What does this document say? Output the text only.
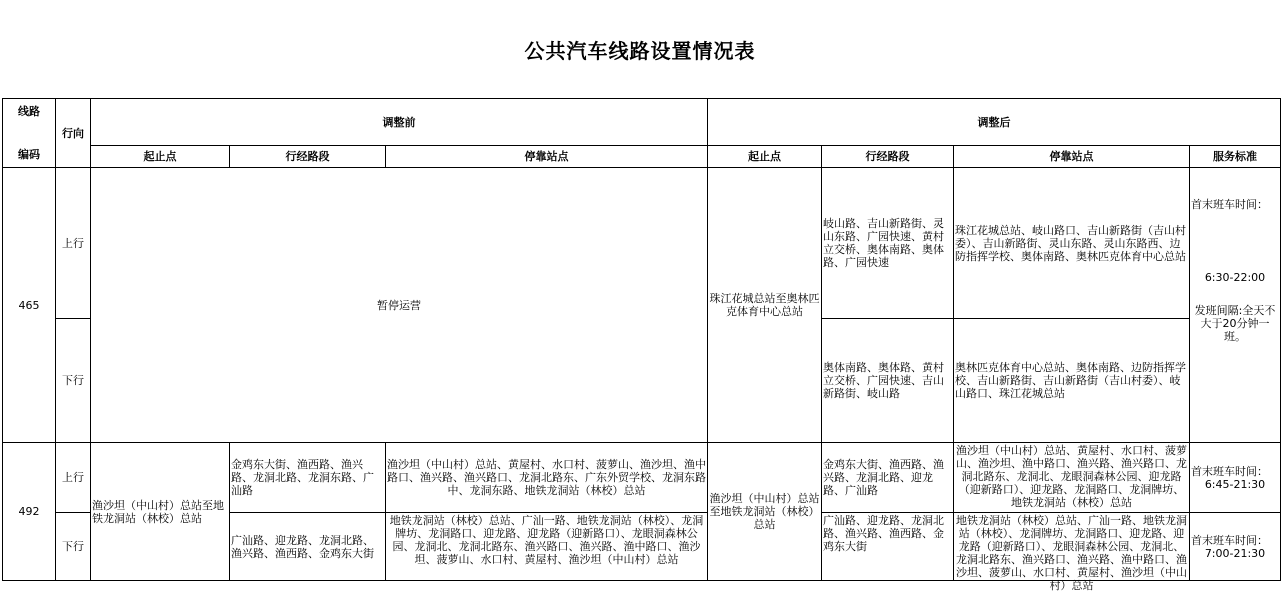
公共汽车线路设置情况表
线路
编码	行向	调整前			调整后			
		起止点	行经路段	停靠站点	起止点	行经路段	停靠站点	服务标准
465	上行	暂停运营			珠江花城总站至奥林匹克体育中心总站	岐山路、吉山新路街、灵山东路、广园快速、黄村立交桥、奥体南路、奥体路、广园快速	珠江花城总站、岐山路口、吉山新路街（吉山村委）、吉山新路街、灵山东路、灵山东路西、边防指挥学校、奥体南路、奥林匹克体育中心总站	首末班车时间：
6:30-22:00
发班间隔:全天不大于20分钟一班。

	下行					奥体南路、奥体路、黄村立交桥、广园快速、吉山新路街、岐山路	奥林匹克体育中心总站、奥体南路、边防指挥学校、吉山新路街、吉山新路街（吉山村委）、岐山路口、珠江花城总站	
492	上行	渔沙坦（中山村）总站至地铁龙洞站（林校）总站	金鸡东大街、渔西路、渔兴路、龙洞北路、龙洞东路、广汕路	渔沙坦（中山村）总站、黄屋村、水口村、菠萝山、渔沙坦、渔中路口、渔兴路、渔兴路口、龙洞北路东、广东外贸学校、龙洞东路中、龙洞东路、地铁龙洞站（林校）总站	渔沙坦（中山村）总站至地铁龙洞站（林校）总站	金鸡东大街、渔西路、渔兴路、龙洞北路、迎龙路、广汕路	渔沙坦（中山村）总站、黄屋村、水口村、菠萝山、渔沙坦、渔中路口、渔兴路、渔兴路口、龙洞北路东、龙洞北、龙眼洞森林公园、迎龙路（迎新路口）、迎龙路、龙洞路口、龙洞牌坊、地铁龙洞站（林校）总站	首末班车时间：
6:45-21:30

	下行		广汕路、迎龙路、龙洞北路、渔兴路、渔西路、金鸡东大街	地铁龙洞站（林校）总站、广汕一路、地铁龙洞站（林校）、龙洞牌坊、龙洞路口、迎龙路、迎龙路（迎新路口）、龙眼洞森林公园、龙洞北、龙洞北路东、渔兴路口、渔兴路、渔中路口、渔沙坦、菠萝山、水口村、黄屋村、渔沙坦（中山村）总站		广汕路、迎龙路、龙洞北路、渔兴路、渔西路、金鸡东大街	地铁龙洞站（林校）总站、广汕一路、地铁龙洞站（林校）、龙洞牌坊、龙洞路口、迎龙路、迎龙路（迎新路口）、龙眼洞森林公园、龙洞北、龙洞北路东、渔兴路口、渔兴路、渔中路口、渔沙坦、菠萝山、水口村、黄屋村、渔沙坦（中山村）总站	首末班车时间：
7:00-21:30
